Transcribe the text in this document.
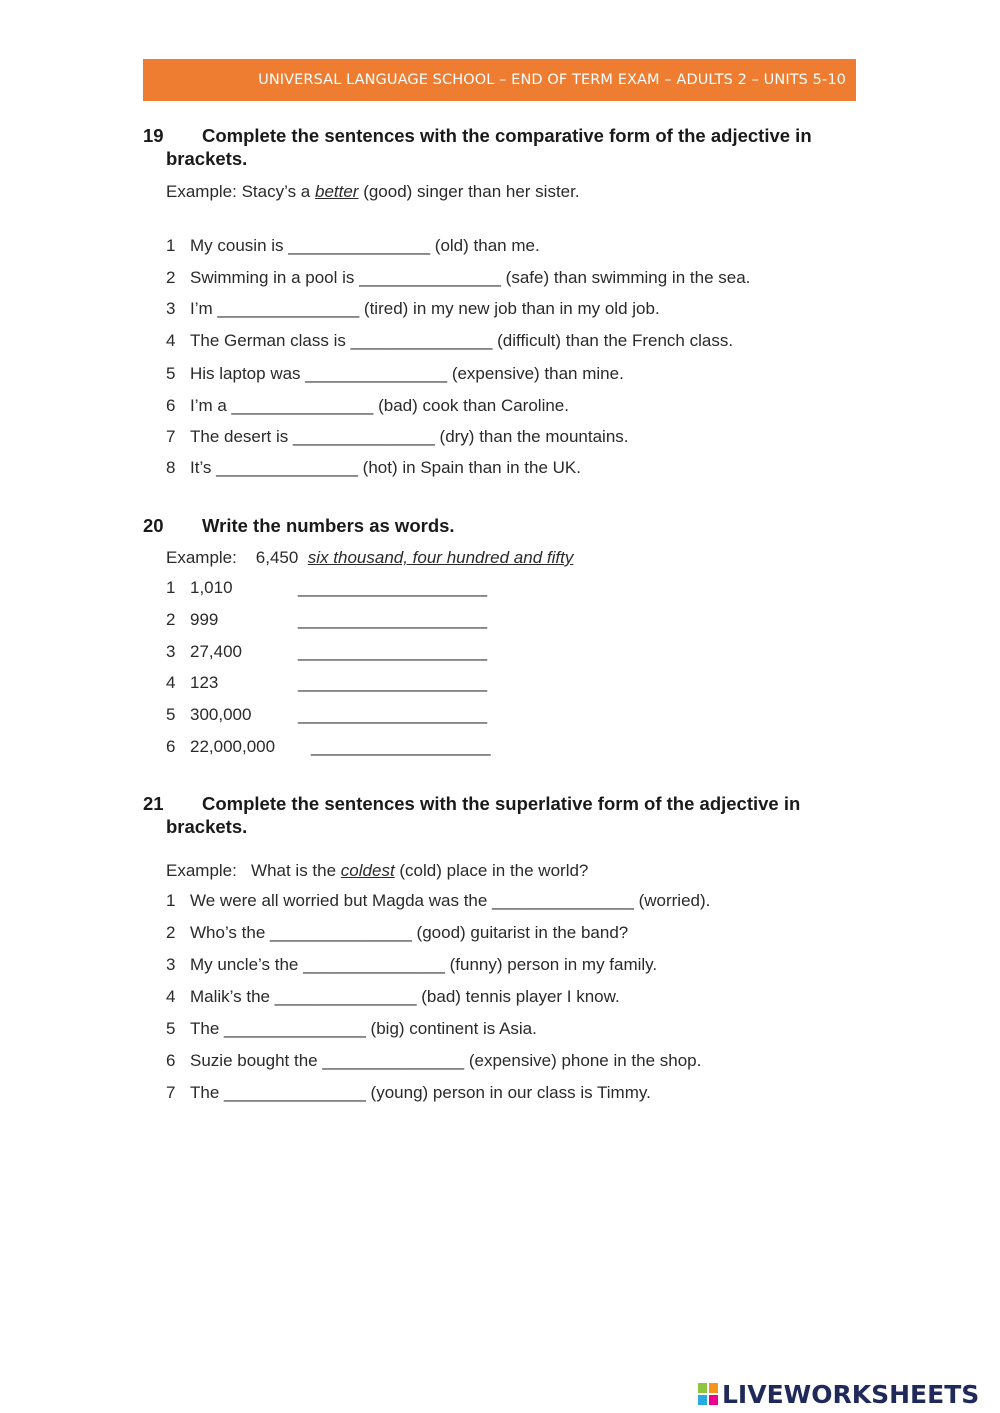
UNIVERSAL LANGUAGE SCHOOL – END OF TERM EXAM – ADULTS 2 – UNITS 5-10
19	Complete the sentences with the comparative form of the adjective in brackets.
Example: Stacy’s a better (good) singer than her sister.
1 My cousin is _______________ (old) than me.
2 Swimming in a pool is _______________ (safe) than swimming in the sea.
3 I’m _______________ (tired) in my new job than in my old job.
4 The German class is _______________ (difficult) than the French class.
5 His laptop was _______________ (expensive) than mine.
6 I’m a _______________ (bad) cook than Caroline.
7 The desert is _______________ (dry) than the mountains.
8 It’s _______________ (hot) in Spain than in the UK.
20	Write the numbers as words.
Example: 6,450 six thousand, four hundred and fifty
1 1,010	____________________
2 999	____________________
3 27,400	____________________
4 123	____________________
5 300,000	____________________
6 22,000,000 ___________________
21	Complete the sentences with the superlative form of the adjective in brackets.
Example:   What is the coldest (cold) place in the world?
1 We were all worried but Magda was the _______________ (worried).
2 Who’s the _______________ (good) guitarist in the band?
3 My uncle’s the _______________ (funny) person in my family.
4 Malik’s the _______________ (bad) tennis player I know.
5 The _______________ (big) continent is Asia.
6 Suzie bought the _______________ (expensive) phone in the shop.
7 The _______________ (young) person in our class is Timmy.
LIVEWORKSHEETS
